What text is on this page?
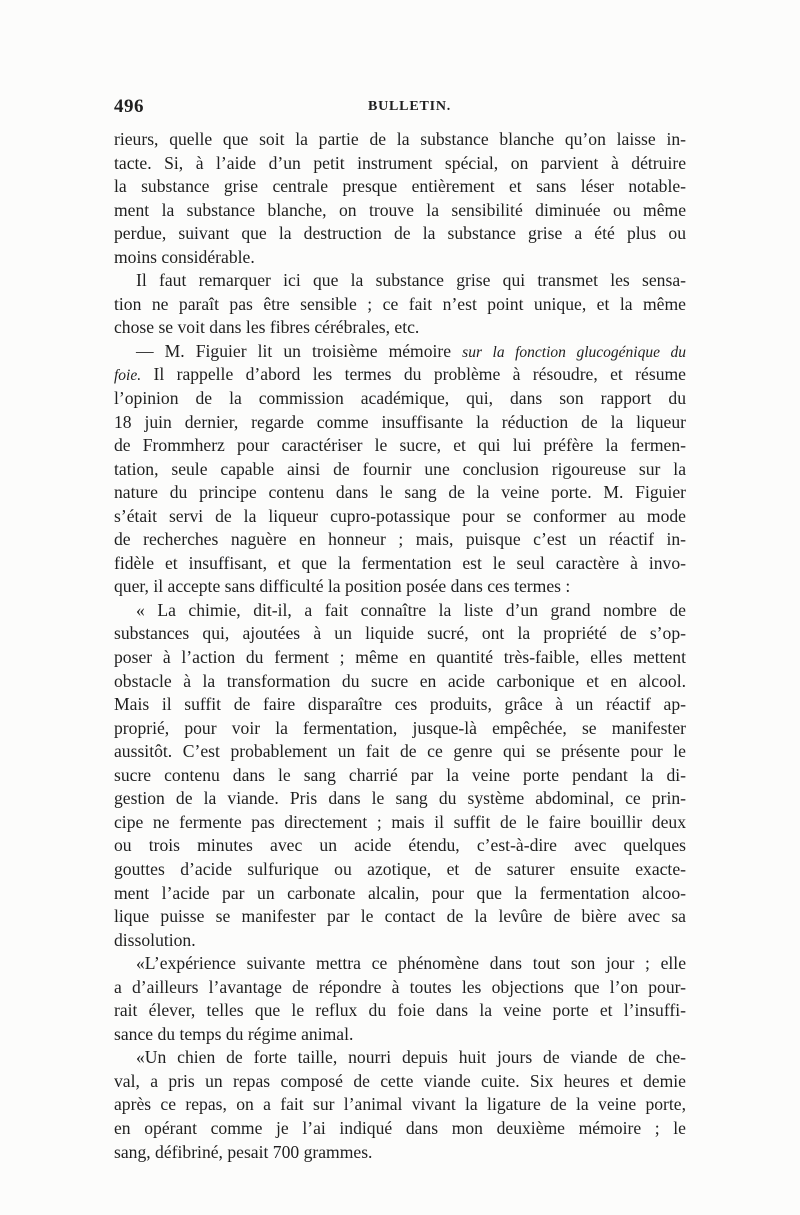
496	BULLETIN.
rieurs, quelle que soit la partie de la substance blanche qu’on laisse in-
tacte. Si, à l’aide d’un petit instrument spécial, on parvient à détruire
la substance grise centrale presque entièrement et sans léser notable-
ment la substance blanche, on trouve la sensibilité diminuée ou même
perdue, suivant que la destruction de la substance grise a été plus ou
moins considérable.
Il faut remarquer ici que la substance grise qui transmet les sensa-
tion ne paraît pas être sensible ; ce fait n’est point unique, et la même
chose se voit dans les fibres cérébrales, etc.
— M. Figuier lit un troisième mémoire sur la fonction glucogénique du
foie. Il rappelle d’abord les termes du problème à résoudre, et résume
l’opinion de la commission académique, qui, dans son rapport du
18 juin dernier, regarde comme insuffisante la réduction de la liqueur
de Frommherz pour caractériser le sucre, et qui lui préfère la fermen-
tation, seule capable ainsi de fournir une conclusion rigoureuse sur la
nature du principe contenu dans le sang de la veine porte. M. Figuier
s’était servi de la liqueur cupro-potassique pour se conformer au mode
de recherches naguère en honneur ; mais, puisque c’est un réactif in-
fidèle et insuffisant, et que la fermentation est le seul caractère à invo-
quer, il accepte sans difficulté la position posée dans ces termes :
« La chimie, dit-il, a fait connaître la liste d’un grand nombre de
substances qui, ajoutées à un liquide sucré, ont la propriété de s’op-
poser à l’action du ferment ; même en quantité très-faible, elles mettent
obstacle à la transformation du sucre en acide carbonique et en alcool.
Mais il suffit de faire disparaître ces produits, grâce à un réactif ap-
proprié, pour voir la fermentation, jusque-là empêchée, se manifester
aussitôt. C’est probablement un fait de ce genre qui se présente pour le
sucre contenu dans le sang charrié par la veine porte pendant la di-
gestion de la viande. Pris dans le sang du système abdominal, ce prin-
cipe ne fermente pas directement ; mais il suffit de le faire bouillir deux
ou trois minutes avec un acide étendu, c’est-à-dire avec quelques
gouttes d’acide sulfurique ou azotique, et de saturer ensuite exacte-
ment l’acide par un carbonate alcalin, pour que la fermentation alcoo-
lique puisse se manifester par le contact de la levûre de bière avec sa
dissolution.
«L’expérience suivante mettra ce phénomène dans tout son jour ; elle
a d’ailleurs l’avantage de répondre à toutes les objections que l’on pour-
rait élever, telles que le reflux du foie dans la veine porte et l’insuffi-
sance du temps du régime animal.
«Un chien de forte taille, nourri depuis huit jours de viande de che-
val, a pris un repas composé de cette viande cuite. Six heures et demie
après ce repas, on a fait sur l’animal vivant la ligature de la veine porte,
en opérant comme je l’ai indiqué dans mon deuxième mémoire ; le
sang, défibriné, pesait 700 grammes.
